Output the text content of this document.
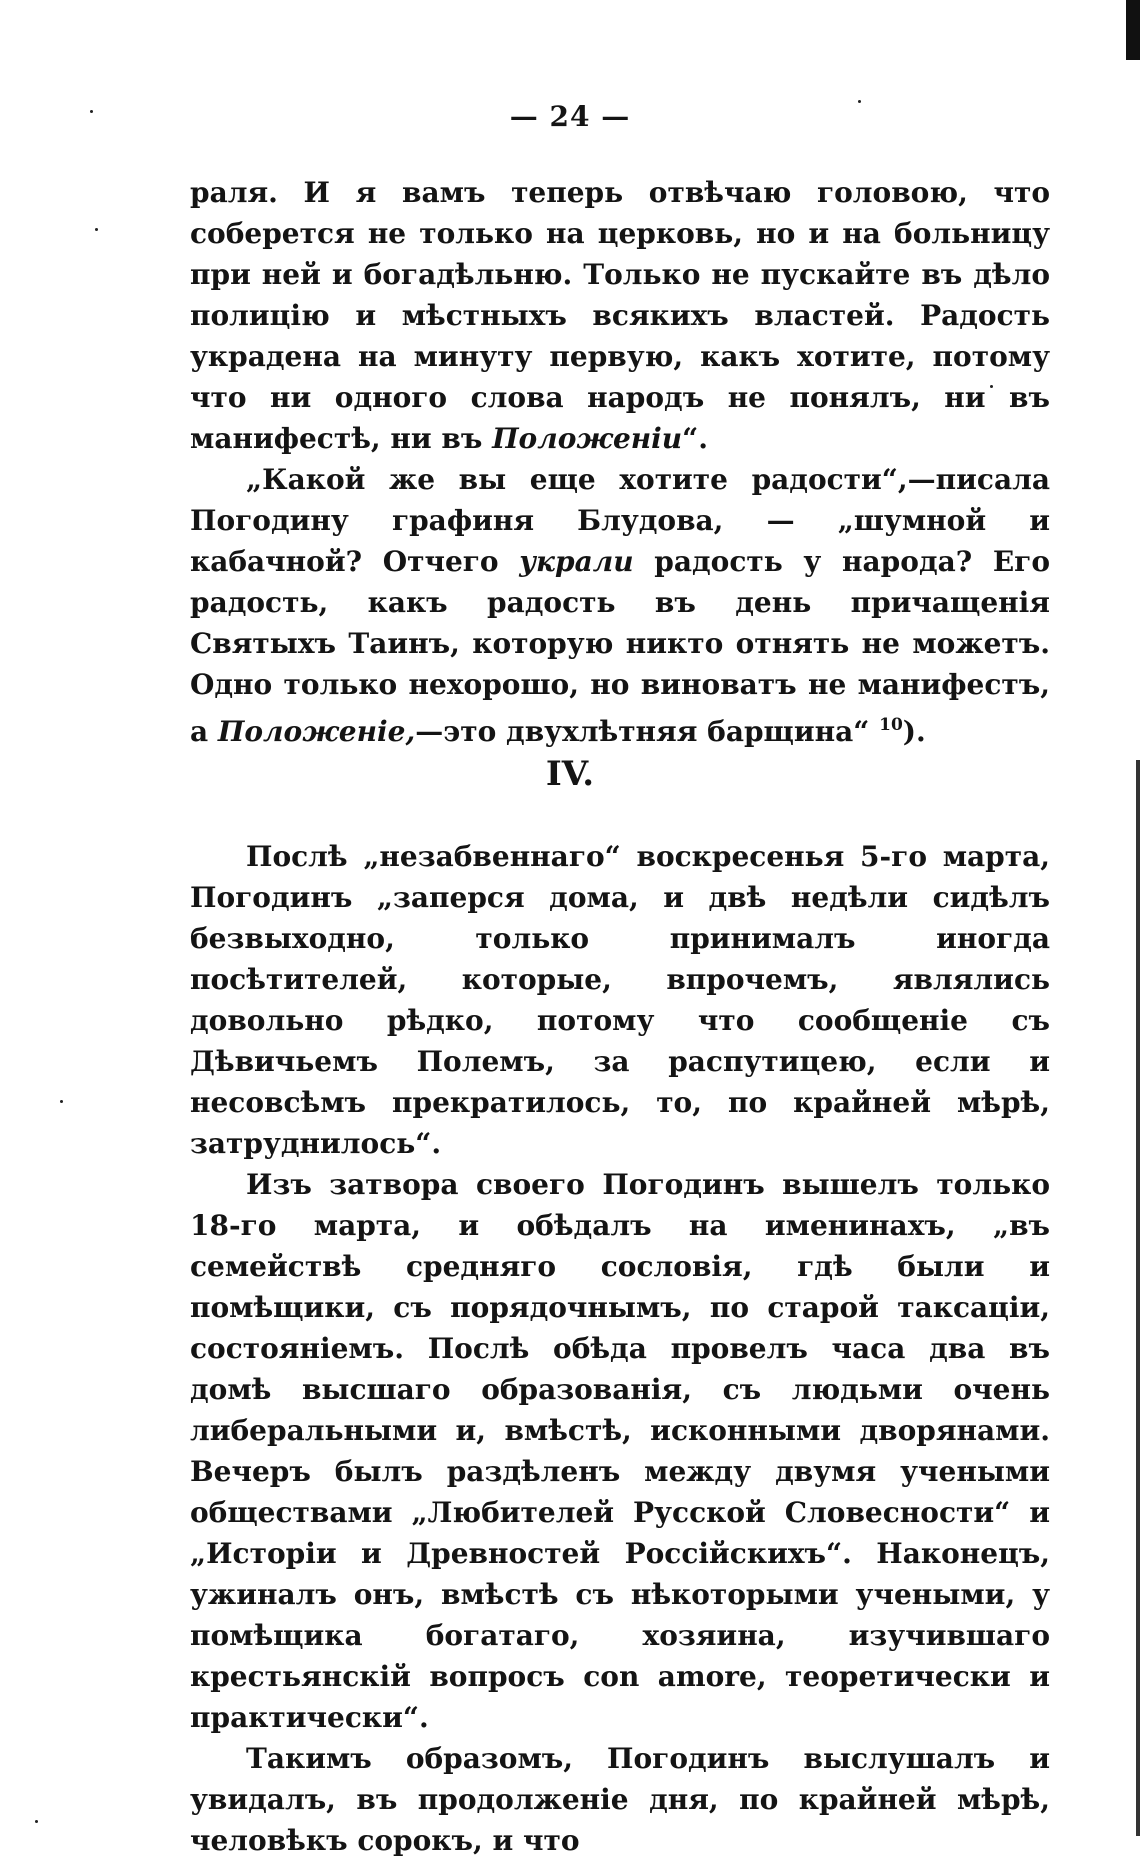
— 24 —

раля. И я вамъ теперь отвѣчаю головою, что соберется не только на церковь, но и на больницу при ней и богадѣльню. Только не пускайте въ дѣло полицію и мѣстныхъ всякихъ властей. Радость украдена на минуту первую, какъ хотите, потому что ни одного слова народъ не понялъ, ни въ манифестѣ, ни въ Положеніи“.

„Какой же вы еще хотите радости“,—писала Погодину графиня Блудова, — „шумной и кабачной? Отчего украли радость у народа? Его радость, какъ радость въ день причащенія Святыхъ Таинъ, которую никто отнять не можетъ. Одно только нехорошо, но виноватъ не манифестъ, а Положеніе,—это двухлѣтняя барщина“ $^{10}$).

IV.

Послѣ „незабвеннаго“ воскресенья 5-го марта, Погодинъ „заперся дома, и двѣ недѣли сидѣлъ безвыходно, только принималъ иногда посѣтителей, которые, впрочемъ, являлись довольно рѣдко, потому что сообщеніе съ Дѣвичьемъ Полемъ, за распутицею, если и несовсѣмъ прекратилось, то, по крайней мѣрѣ, затруднилось“.

Изъ затвора своего Погодинъ вышелъ только 18-го марта, и обѣдалъ на именинахъ, „въ семействѣ средняго сословія, гдѣ были и помѣщики, съ порядочнымъ, по старой таксаціи, состояніемъ. Послѣ обѣда провелъ часа два въ домѣ высшаго образованія, съ людьми очень либеральными и, вмѣстѣ, исконными дворянами. Вечеръ былъ раздѣленъ между двумя учеными обществами „Любителей Русской Словесности“ и „Исторіи и Древностей Россійскихъ“. Наконецъ, ужиналъ онъ, вмѣстѣ съ нѣкоторыми учеными, у помѣщика богатаго, хозяина, изучившаго крестьянскій вопросъ con amore, теоретически и практически“.

Такимъ образомъ, Погодинъ выслушалъ и увидалъ, въ продолженіе дня, по крайней мѣрѣ, человѣкъ сорокъ, и что
